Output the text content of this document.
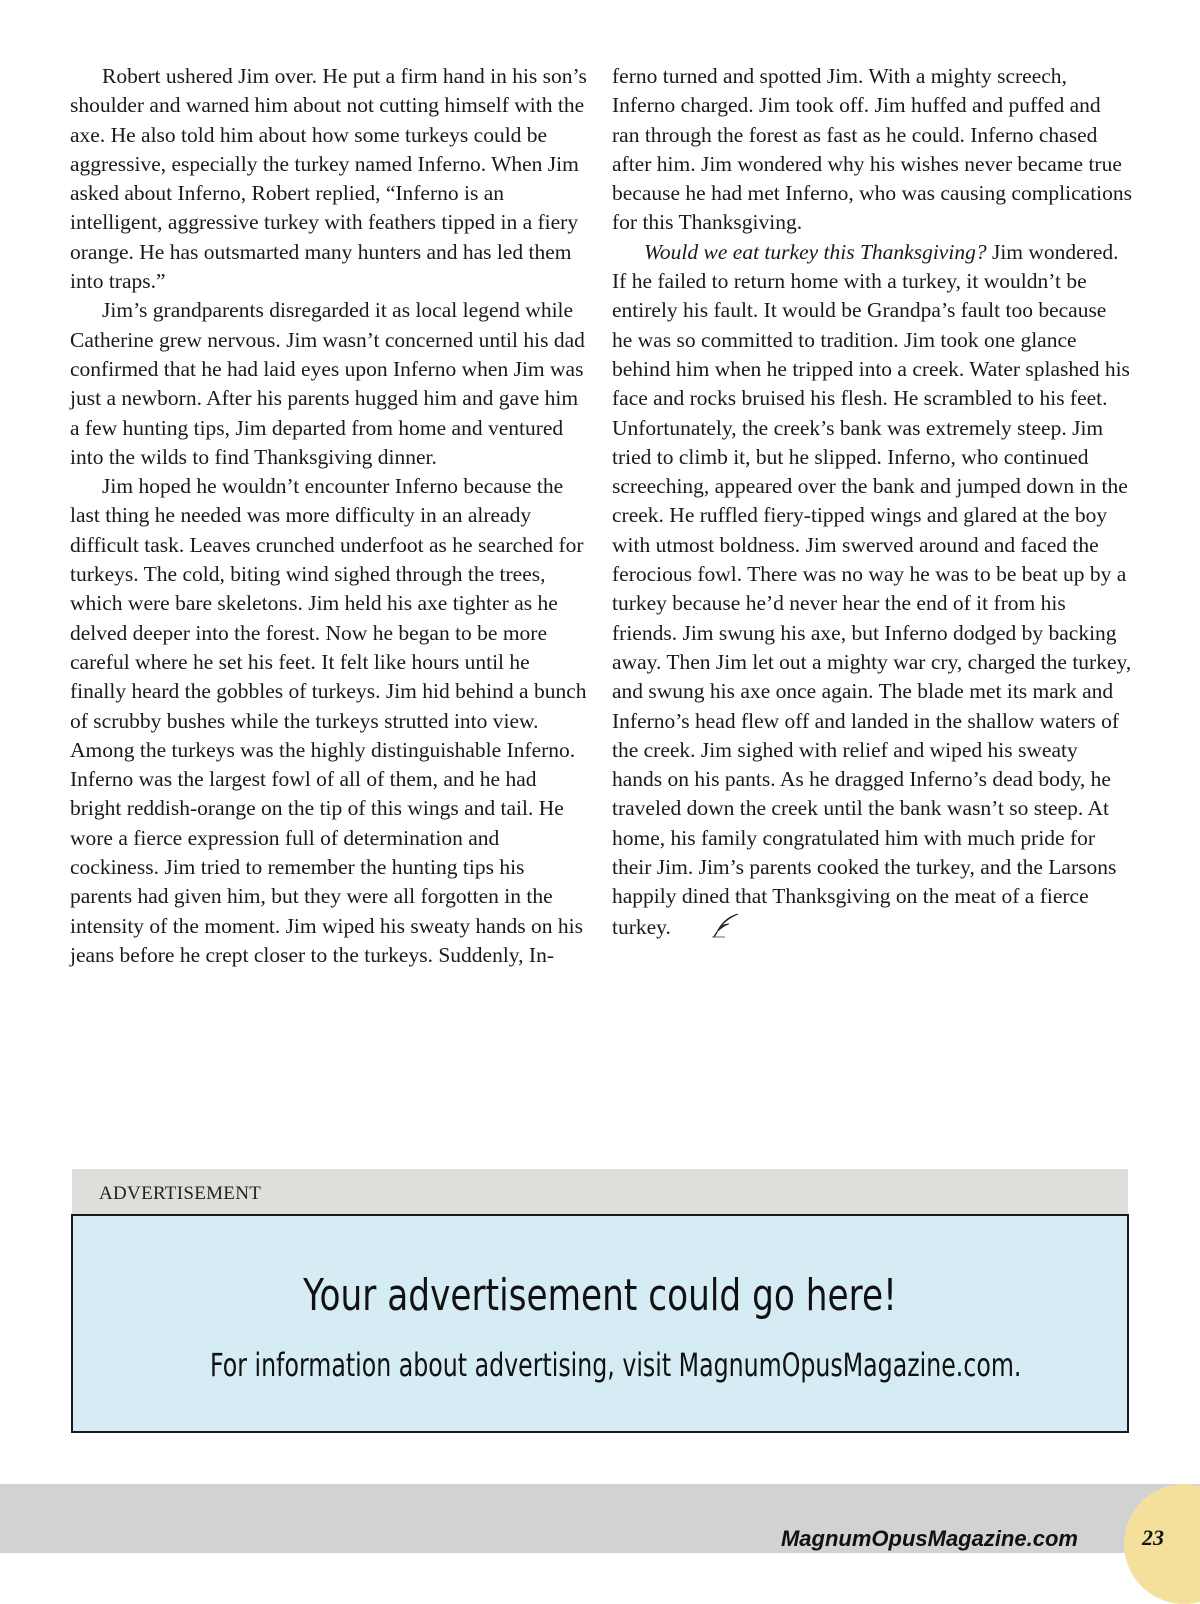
Robert ushered Jim over. He put a firm hand in his son’s shoulder and warned him about not cutting himself with the axe. He also told him about how some turkeys could be aggressive, especially the turkey named Inferno. When Jim asked about Inferno, Robert replied, “Inferno is an intelligent, aggressive turkey with feathers tipped in a fiery orange. He has outsmarted many hunters and has led them into traps.”

Jim’s grandparents disregarded it as local legend while Catherine grew nervous. Jim wasn’t concerned until his dad confirmed that he had laid eyes upon Inferno when Jim was just a newborn. After his parents hugged him and gave him a few hunting tips, Jim departed from home and ventured into the wilds to find Thanksgiving dinner.

Jim hoped he wouldn’t encounter Inferno because the last thing he needed was more difficulty in an already difficult task. Leaves crunched underfoot as he searched for turkeys. The cold, biting wind sighed through the trees, which were bare skeletons. Jim held his axe tighter as he delved deeper into the forest. Now he began to be more careful where he set his feet. It felt like hours until he finally heard the gobbles of turkeys. Jim hid behind a bunch of scrubby bushes while the turkeys strutted into view. Among the turkeys was the highly distinguishable Inferno. Inferno was the largest fowl of all of them, and he had bright reddish-orange on the tip of this wings and tail. He wore a fierce expression full of determination and cockiness. Jim tried to remember the hunting tips his parents had given him, but they were all forgotten in the intensity of the moment. Jim wiped his sweaty hands on his jeans before he crept closer to the turkeys. Suddenly, In-

ferno turned and spotted Jim. With a mighty screech, Inferno charged. Jim took off. Jim huffed and puffed and ran through the forest as fast as he could. Inferno chased after him. Jim wondered why his wishes never became true because he had met Inferno, who was causing complications for this Thanksgiving.

Would we eat turkey this Thanksgiving? Jim wondered. If he failed to return home with a turkey, it wouldn’t be entirely his fault. It would be Grandpa’s fault too because he was so committed to tradition. Jim took one glance behind him when he tripped into a creek. Water splashed his face and rocks bruised his flesh. He scrambled to his feet. Unfortunately, the creek’s bank was extremely steep. Jim tried to climb it, but he slipped. Inferno, who continued screeching, appeared over the bank and jumped down in the creek. He ruffled fiery-tipped wings and glared at the boy with utmost boldness. Jim swerved around and faced the ferocious fowl. There was no way he was to be beat up by a turkey because he’d never hear the end of it from his friends. Jim swung his axe, but Inferno dodged by backing away. Then Jim let out a mighty war cry, charged the turkey, and swung his axe once again. The blade met its mark and Inferno’s head flew off and landed in the shallow waters of the creek. Jim sighed with relief and wiped his sweaty hands on his pants. As he dragged Inferno’s dead body, he traveled down the creek until the bank wasn’t so steep. At home, his family congratulated him with much pride for their Jim. Jim’s parents cooked the turkey, and the Larsons happily dined that Thanksgiving on the meat of a fierce turkey.

ADVERTISEMENT
Your advertisement could go here!
For information about advertising, visit MagnumOpusMagazine.com.
MagnumOpusMagazine.com	23
